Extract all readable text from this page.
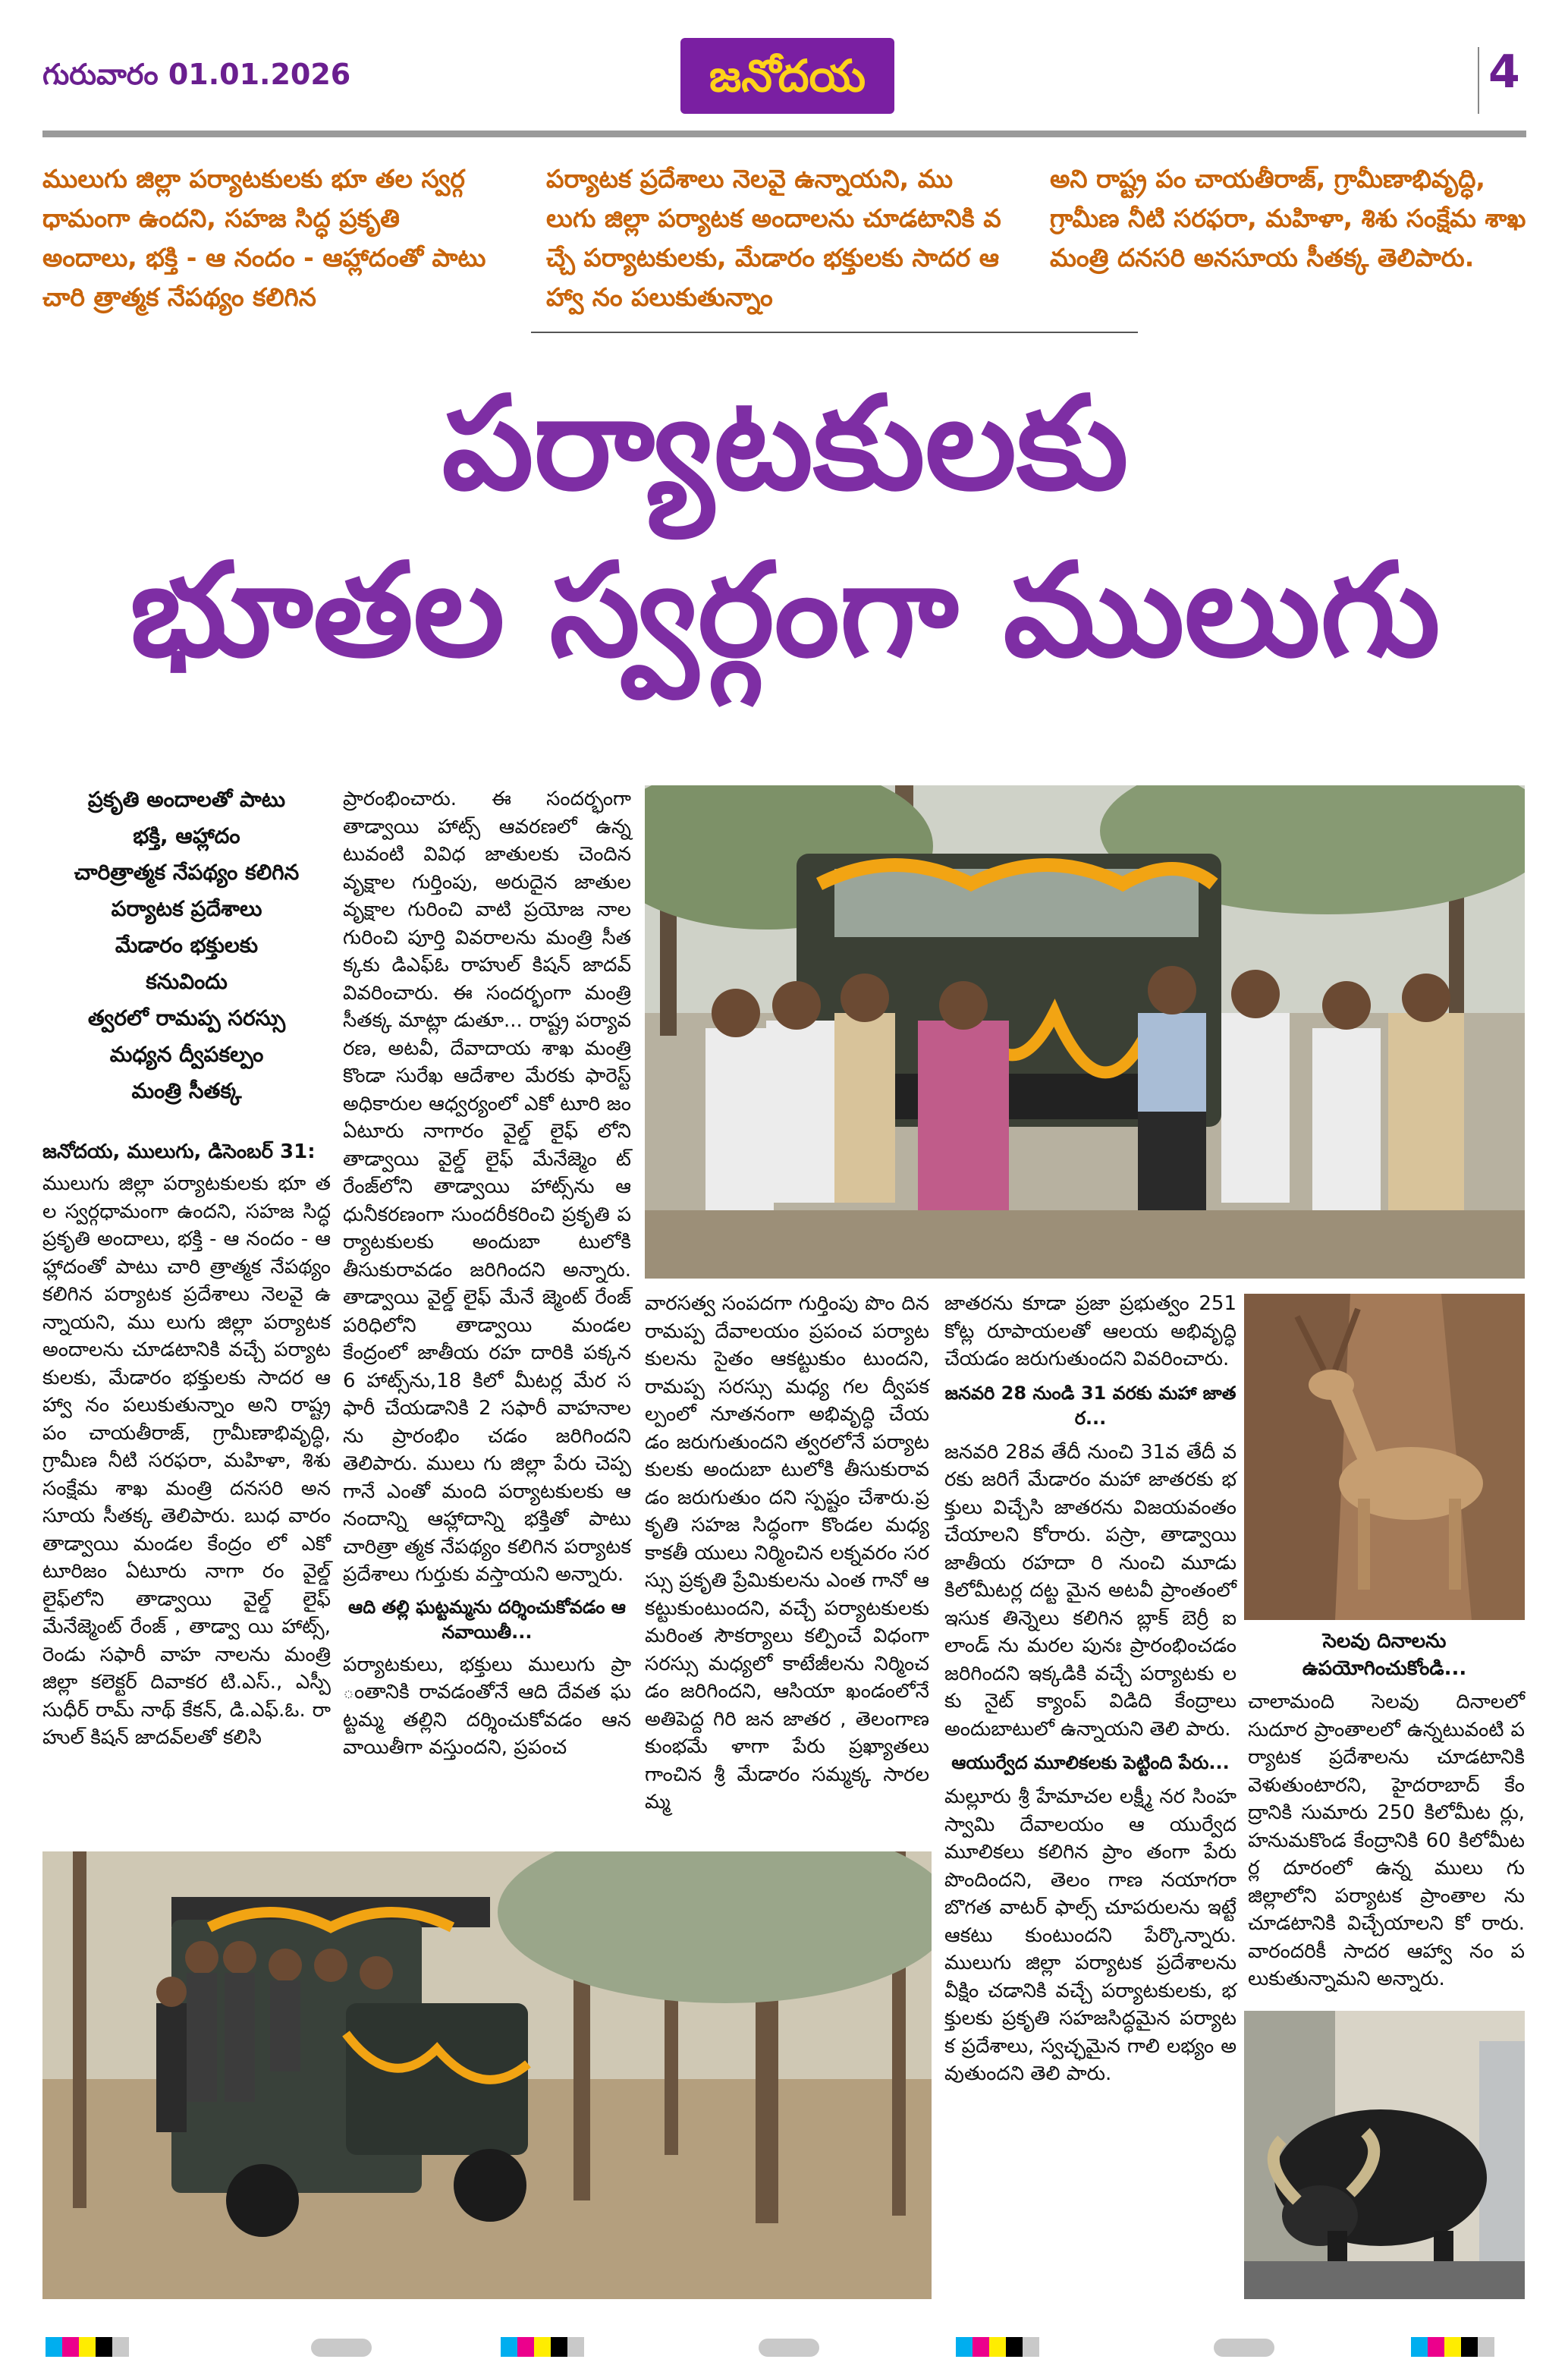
గురువారం 01.01.2026	జనోదయ	4
ములుగు జిల్లా పర్యాటకులకు భూ తల స్వర్గధామంగా ఉందని, సహజ సిద్ధ ప్రకృతి అందాలు, భక్తి - ఆ నందం - ఆహ్లాదంతో పాటు చారి త్రాత్మక నేపథ్యం కలిగిన
పర్యాటక ప్రదేశాలు నెలవై ఉన్నాయని, ము లుగు జిల్లా పర్యాటక అందాలను చూడటానికి వచ్చే పర్యాటకులకు, మేడారం భక్తులకు సాదర ఆహ్వా నం పలుకుతున్నాం
అని రాష్ట్ర పం చాయతీరాజ్, గ్రామీణాభివృద్ధి, గ్రామీణ నీటి సరఫరా, మహిళా, శిశు సంక్షేమ శాఖ మంత్రి దనసరి అనసూయ సీతక్క తెలిపారు.
పర్యాటకులకు
భూతల స్వర్గంగా ములుగు
ప్రకృతి అందాలతో పాటు
భక్తి, ఆహ్లాదం
చారిత్రాత్మక నేపథ్యం కలిగిన
పర్యాటక ప్రదేశాలు
మేడారం భక్తులకు
కనువిందు
త్వరలో రామప్ప సరస్సు
మధ్యన ద్వీపకల్పం
మంత్రి సీతక్క
జనోదయ, ములుగు, డిసెంబర్ 31:
ములుగు జిల్లా పర్యాటకులకు భూ తల స్వర్గధామంగా ఉందని, సహజ సిద్ధ ప్రకృతి అందాలు, భక్తి - ఆ నందం - ఆహ్లాదంతో పాటు చారి త్రాత్మక నేపథ్యం కలిగిన పర్యాటక ప్రదేశాలు నెలవై ఉన్నాయని, ము లుగు జిల్లా పర్యాటక అందాలను చూడటానికి వచ్చే పర్యాటకులకు, మేడారం భక్తులకు సాదర ఆహ్వా నం పలుకుతున్నాం అని రాష్ట్ర పం చాయతీరాజ్, గ్రామీణాభివృద్ధి, గ్రామీణ నీటి సరఫరా, మహిళా, శిశు సంక్షేమ శాఖ మంత్రి దనసరి అనసూయ సీతక్క తెలిపారు. బుధ వారం తాడ్వాయి మండల కేంద్రం లో ఎకో టూరిజం ఏటూరు నాగా రం వైల్డ్ లైఫ్‌లోని తాడ్వాయి వైల్డ్ లైఫ్ మేనేజ్మెంట్ రేంజ్ , తాడ్వా యి హాట్స్, రెండు సఫారీ వాహ నాలను మంత్రి జిల్లా కలెక్టర్ దివాకర టి.ఎస్., ఎస్పీ సుధీర్ రామ్ నాథ్ కేకన్, డి.ఎఫ్.ఓ. రా హుల్ కిషన్ జాదవ్‌లతో కలిసి
ప్రారంభించారు. ఈ సందర్భంగా తాడ్వాయి హాట్స్ ఆవరణలో ఉన్న టువంటి వివిధ జాతులకు చెందిన వృక్షాల గుర్తింపు, అరుదైన జాతుల వృక్షాల గురించి వాటి ప్రయోజ నాల గురించి పూర్తి వివరాలను మంత్రి సీతక్కకు డిఎఫ్ఓ రాహుల్ కిషన్ జాదవ్ వివరించారు. ఈ సందర్భంగా మంత్రి సీతక్క మాట్లా డుతూ... రాష్ట్ర పర్యావరణ, అటవీ, దేవాదాయ శాఖ మంత్రి కొండా సురేఖ ఆదేశాల మేరకు ఫారెస్ట్ అధికారుల ఆధ్వర్యంలో ఎకో టూరి జం ఏటూరు నాగారం వైల్డ్ లైఫ్ లోని తాడ్వాయి వైల్డ్ లైఫ్ మేనేజ్మెం ట్ రేంజ్‌లోని తాడ్వాయి హాట్స్‌ను ఆధునీకరణంగా సుందరీకరించి ప్రకృతి పర్యాటకులకు అందుబా టులోకి తీసుకురావడం జరిగిందని అన్నారు. తాడ్వాయి వైల్డ్ లైఫ్ మేనే జ్మెంట్ రేంజ్ పరిధిలోని తాడ్వాయి మండల కేంద్రంలో జాతీయ రహ దారికి పక్కన 6 హాట్స్‌ను,18 కిలో మీటర్ల మేర సఫారీ చేయడానికి 2 సఫారీ వాహనాలను ప్రారంభిం చడం జరిగిందని తెలిపారు. ములు గు జిల్లా పేరు చెప్పగానే ఎంతో మంది పర్యాటకులకు ఆనందాన్ని ఆహ్లాదాన్ని భక్తితో పాటు చారిత్రా త్మక నేపథ్యం కలిగిన పర్యాటక ప్రదేశాలు గుర్తుకు వస్తాయని అన్నారు.
ఆది తల్లి ఘట్టమ్మను దర్శించుకోవడం ఆనవాయితీ...
పర్యాటకులు, భక్తులు ములుగు ప్రా ంతానికి రావడంతోనే ఆది దేవత ఘట్టమ్మ తల్లిని దర్శించుకోవడం ఆనవాయితీగా వస్తుందని, ప్రపంచ
వారసత్వ సంపదగా గుర్తింపు పొం దిన రామప్ప దేవాలయం ప్రపంచ పర్యాటకులను సైతం ఆకట్టుకుం టుందని, రామప్ప సరస్సు మధ్య గల ద్వీపకల్పంలో నూతనంగా అభివృద్ధి చేయడం జరుగుతుందని త్వరలోనే పర్యాటకులకు అందుబా టులోకి తీసుకురావడం జరుగుతుం దని స్పష్టం చేశారు.ప్రకృతి సహజ సిద్ధంగా కొండల మధ్య కాకతీ యులు నిర్మించిన లక్నవరం సర స్సు ప్రకృతి ప్రేమికులను ఎంత గానో ఆకట్టుకుంటుందని, వచ్చే పర్యాటకులకు మరింత సౌకర్యాలు కల్పించే విధంగా సరస్సు మధ్యలో కాటేజీలను నిర్మించడం జరిగిందని, ఆసియా ఖండంలోనే అతిపెద్ద గిరి జన జాతర , తెలంగాణ కుంభమే ళాగా పేరు ప్రఖ్యాతలు గాంచిన శ్రీ మేడారం సమ్మక్క సారలమ్మ
జాతరను కూడా ప్రజా ప్రభుత్వం 251 కోట్ల రూపాయలతో ఆలయ అభివృద్ధి చేయడం జరుగుతుందని వివరించారు.
జనవరి 28 నుండి 31 వరకు మహా జాతర...
జనవరి 28వ తేదీ నుంచి 31వ తేదీ వరకు జరిగే మేడారం మహా జాతరకు భక్తులు విచ్చేసి జాతరను విజయవంతం చేయాలని కోరారు. పస్రా, తాడ్వాయి జాతీయ రహదా రి నుంచి మూడు కిలోమీటర్ల దట్ట మైన అటవీ ప్రాంతంలో ఇసుక తిన్నెలు కలిగిన బ్లాక్ బెర్రీ ఐలాండ్ ను మరల పునః ప్రారంభించడం జరిగిందని ఇక్కడికి వచ్చే పర్యాటకు లకు నైట్ క్యాంప్ విడిది కేంద్రాలు అందుబాటులో ఉన్నాయని తెలి పారు.
ఆయుర్వేద మూలికలకు పెట్టింది పేరు...
మల్లూరు శ్రీ హేమాచల లక్ష్మీ నర సింహ స్వామి దేవాలయం ఆ యుర్వేద మూలికలు కలిగిన ప్రాం తంగా పేరు పొందిందని, తెలం గాణ నయాగరా బొగత వాటర్ ఫాల్స్ చూపరులను ఇట్టే ఆకటు కుంటుందని పేర్కొన్నారు. ములుగు జిల్లా పర్యాటక ప్రదేశాలను వీక్షిం చడానికి వచ్చే పర్యాటకులకు, భక్తులకు ప్రకృతి సహజసిద్ధమైన పర్యాటక ప్రదేశాలు, స్వచ్ఛమైన గాలి లభ్యం అవుతుందని తెలి పారు.
సెలవు దినాలను ఉపయోగించుకోండి...
చాలామంది సెలవు దినాలలో సుదూర ప్రాంతాలలో ఉన్నటువంటి పర్యాటక ప్రదేశాలను చూడటానికి వెళుతుంటారని, హైదరాబాద్ కేం ద్రానికి సుమారు 250 కిలోమీట ర్లు, హనుమకొండ కేంద్రానికి 60 కిలోమీటర్ల దూరంలో ఉన్న ములు గు జిల్లాలోని పర్యాటక ప్రాంతాల ను చూడటానికి విచ్చేయాలని కో రారు. వారందరికీ సాదర ఆహ్వా నం పలుకుతున్నామని అన్నారు.
